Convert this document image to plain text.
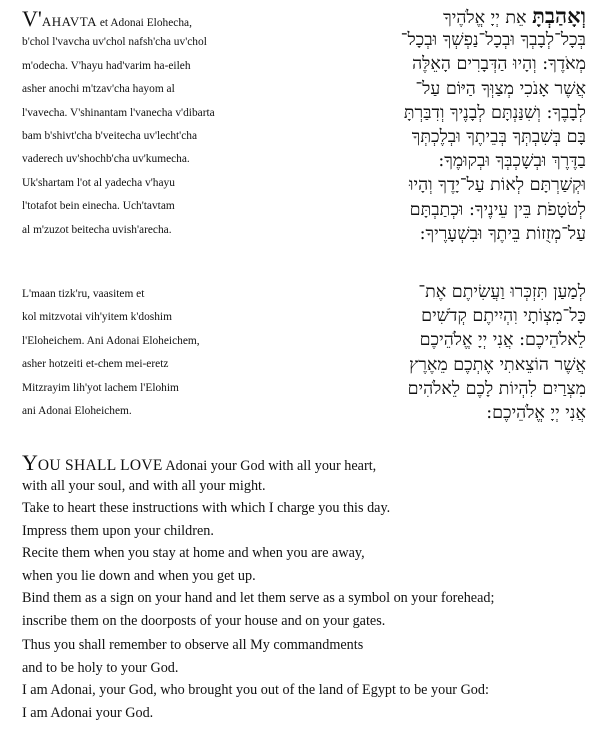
V'AHAVTA et Adonai Elohecha,
b'chol l'vavcha uv'chol nafsh'cha uv'chol
m'odecha. V'hayu had'varim ha-eileh
asher anochi m'tzav'cha hayom al
l'vavecha. V'shinantam l'vanecha v'dibarta
bam b'shivt'cha b'veitecha uv'lecht'cha
vaderech uv'shochb'cha uv'kumecha.
Uk'shartam l'ot al yadecha v'hayu
l'totafot bein einecha. Uch'tavtam
al m'zuzot beitecha uvish'arecha.
וְאָהַבְתָּ אֵת יְיָ אֱלֹהֶיךָ
בְּכָל־לְבָבְךָ וּבְכָל־נַפְשְׁךָ וּבְכָל־
מְאֹדֶךָ: וְהָיוּ הַדְּבָרִים הָאֵלֶּה
אֲשֶׁר אָנֹכִי מְצַוְּךָ הַיּוֹם עַל־
לְבָבֶךָ: וְשִׁנַּנְתָּם לְבָנֶיךָ וְדִבַּרְתָּ
בָּם בְּשִׁבְתְּךָ בְּבֵיתֶךָ וּבְלֶכְתְּךָ
בַדֶּרֶךְ וּבְשָׁכְבְּךָ וּבְקוּמֶךָ:
וּקְשַׁרְתָּם לְאוֹת עַל־יָדֶךָ וְהָיוּ
לְטֹטָפֹת בֵּין עֵינֶיךָ: וּכְתַבְתָּם
עַל־מְזֻזוֹת בֵּיתֶךָ וּבִשְׁעָרֶיךָ:
L'maan tizk'ru, vaasitem et
kol mitzvotai vih'yitem k'doshim
l'Eloheichem. Ani Adonai Eloheichem,
asher hotzeiti et-chem mei-eretz
Mitzrayim lih'yot lachem l'Elohim
ani Adonai Eloheichem.
לְמַעַן תִּזְכְּרוּ וַעֲשִׂיתֶם אֶת־
כָּל־מִצְוֹתָי וִהְיִיתֶם קְדֹשִׁים
לֵאלֹהֵיכֶם: אֲנִי יְיָ אֱלֹהֵיכֶם
אֲשֶׁר הוֹצֵאתִי אֶתְכֶם מֵאֶרֶץ
מִצְרַיִם לִהְיוֹת לָכֶם לֵאלֹהִים
אֲנִי יְיָ אֱלֹהֵיכֶם:
YOU SHALL LOVE Adonai your God with all your heart,
with all your soul, and with all your might.
Take to heart these instructions with which I charge you this day.
Impress them upon your children.
Recite them when you stay at home and when you are away,
when you lie down and when you get up.
Bind them as a sign on your hand and let them serve as a symbol on your forehead;
inscribe them on the doorposts of your house and on your gates.
Thus you shall remember to observe all My commandments
and to be holy to your God.
I am Adonai, your God, who brought you out of the land of Egypt to be your God:
I am Adonai your God.
